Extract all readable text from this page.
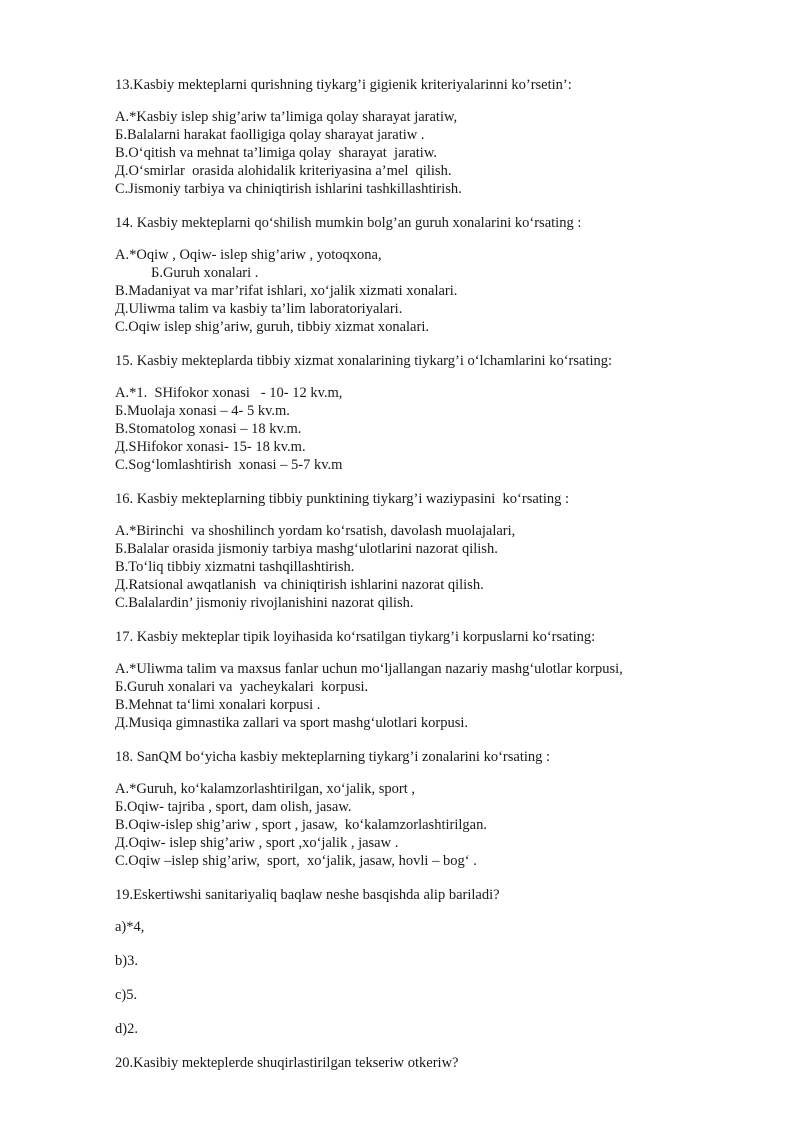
13.Kasbiy mekteplarni qurishning tiykarg’i gigienik kriteriyalarinni ko’rsetin’:

A.*Kasbiy islep shig’ariw ta’limiga qolay sharayat jaratiw,

Б.Balalarni harakat faolligiga qolay sharayat jaratiw .

B.O‘qitish va mehnat ta’limiga qolay  sharayat  jaratiw.

Д.O‘smirlar  orasida alohidalik kriteriyasina a’mel  qilish.

C.Jismoniy tarbiya va chiniqtirish ishlarini tashkillashtirish.

14. Kasbiy mekteplarni qo‘shilish mumkin bolg’an guruh xonalarini ko‘rsating :

A.*Oqiw , Oqiw- islep shig’ariw , yotoqxona,

Б.Guruh xonalari .

B.Madaniyat va mar’rifat ishlari, xo‘jalik xizmati xonalari.

Д.Uliwma talim va kasbiy ta’lim laboratoriyalari.

C.Oqiw islep shig’ariw, guruh, tibbiy xizmat xonalari.

15. Kasbiy mekteplarda tibbiy xizmat xonalarining tiykarg’i o‘lchamlarini ko‘rsating:

A.*1.  SHifokor xonasi   - 10- 12 kv.m,

Б.Muolaja xonasi – 4- 5 kv.m.

B.Stomatolog xonasi – 18 kv.m.

Д.SHifokor xonasi- 15- 18 kv.m.

C.Sog‘lomlashtirish  xonasi – 5-7 kv.m

16. Kasbiy mekteplarning tibbiy punktining tiykarg’i waziypasini  ko‘rsating :

A.*Birinchi  va shoshilinch yordam ko‘rsatish, davolash muolajalari,

Б.Balalar orasida jismoniy tarbiya mashg‘ulotlarini nazorat qilish.

B.To‘liq tibbiy xizmatni tashqillashtirish.

Д.Ratsional awqatlanish  va chiniqtirish ishlarini nazorat qilish.

C.Balalardin’ jismoniy rivojlanishini nazorat qilish.

17. Kasbiy mekteplar tipik loyihasida ko‘rsatilgan tiykarg’i korpuslarni ko‘rsating:

A.*Uliwma talim va maxsus fanlar uchun mo‘ljallangan nazariy mashg‘ulotlar korpusi,

Б.Guruh xonalari va  yacheykalari  korpusi.

B.Mehnat ta‘limi xonalari korpusi .

Д.Musiqa gimnastika zallari va sport mashg‘ulotlari korpusi.

18. SanQM bo‘yicha kasbiy mekteplarning tiykarg’i zonalarini ko‘rsating :

A.*Guruh, ko‘kalamzorlashtirilgan, xo‘jalik, sport ,

Б.Oqiw- tajriba , sport, dam olish, jasaw.

B.Oqiw-islep shig’ariw , sport , jasaw,  ko‘kalamzorlashtirilgan.

Д.Oqiw- islep shig’ariw , sport ,xo‘jalik , jasaw .

C.Oqiw –islep shig’ariw,  sport,  xo‘jalik, jasaw, hovli – bog‘ .

19.Eskertiwshi sanitariyaliq baqlaw neshe basqishda alip bariladi?

a)*4,

b)3.

c)5.

d)2.

20.Kasibiy mekteplerde shuqirlastirilgan tekseriw otkeriw?
